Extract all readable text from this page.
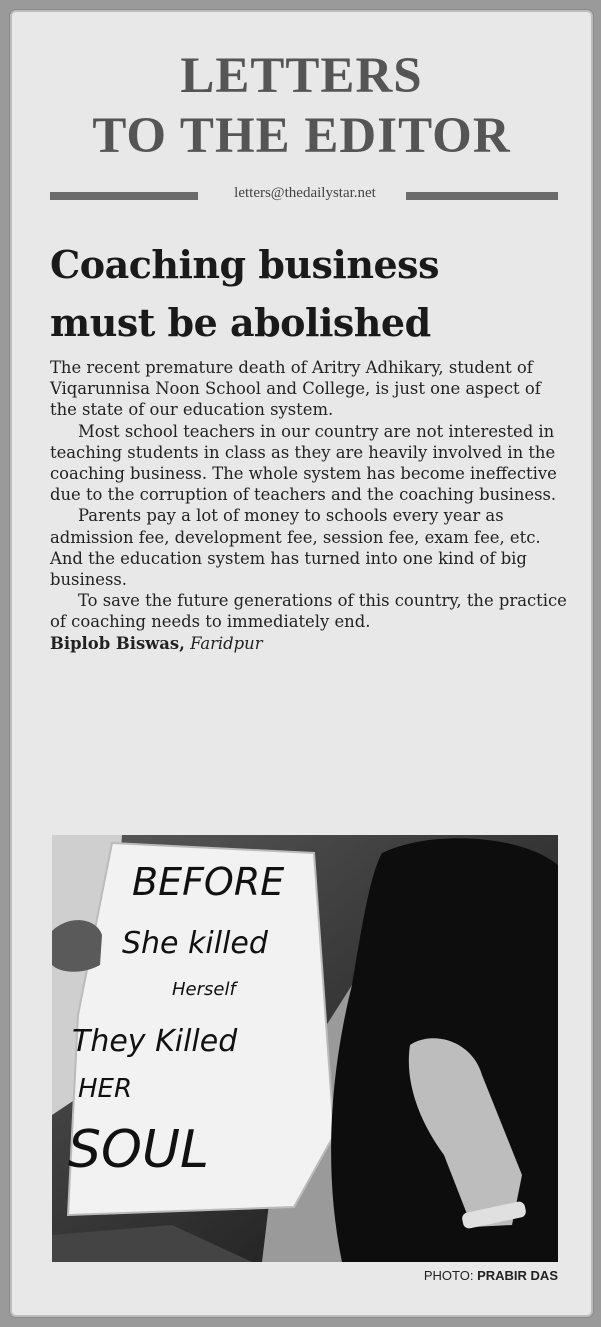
LETTERS
TO THE EDITOR
letters@thedailystar.net
Coaching business
must be abolished

The recent premature death of Aritry Adhikary, student of Viqarunnisa Noon School and College, is just one aspect of the state of our education system.

Most school teachers in our country are not interested in teaching students in class as they are heavily involved in the coaching business. The whole system has become ineffective due to the corruption of teachers and the coaching business.

Parents pay a lot of money to schools every year as admission fee, development fee, session fee, exam fee, etc. And the education system has turned into one kind of big business.

To save the future generations of this country, the practice of coaching needs to immediately end.

Biplob Biswas, Faridpur

BEFORE
She killed
Herself
They Killed
HER
SOUL
PHOTO: PRABIR DAS
